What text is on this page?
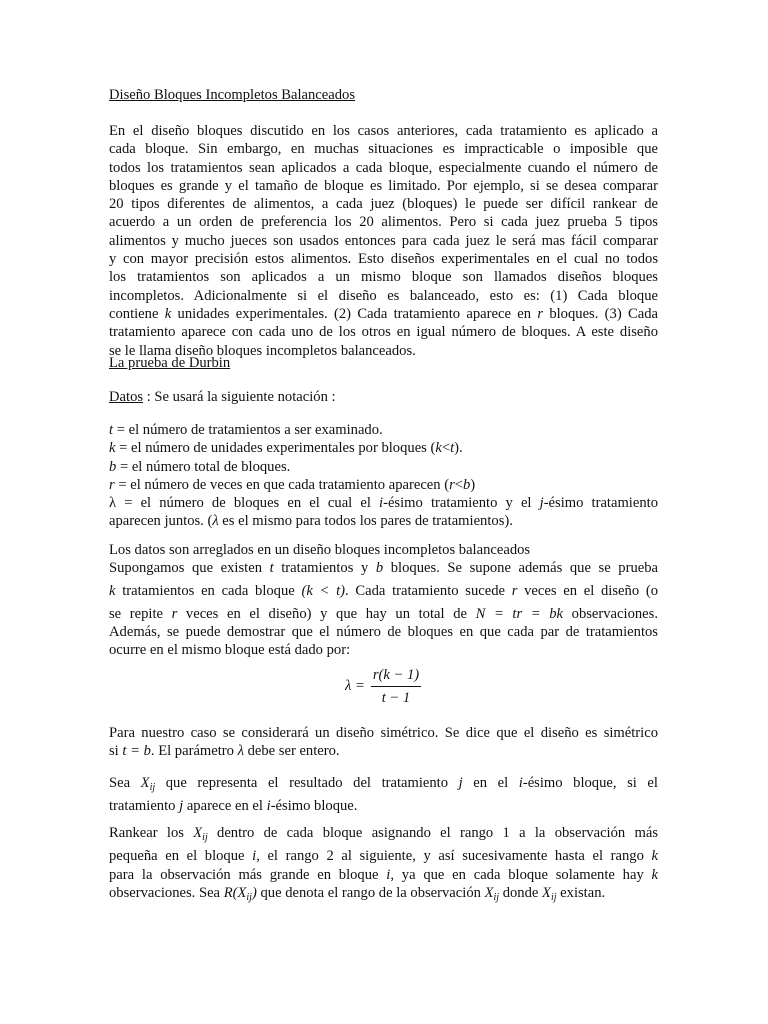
Diseño Bloques Incompletos Balanceados
En el diseño bloques discutido en los casos anteriores, cada tratamiento es aplicado a
cada bloque. Sin embargo, en muchas situaciones es impracticable o imposible que
todos los tratamientos sean aplicados a cada bloque, especialmente cuando el número de
bloques es grande y el tamaño de bloque es limitado. Por ejemplo, si se desea comparar
20 tipos diferentes de alimentos, a cada juez (bloques) le puede ser difícil rankear de
acuerdo a un orden de preferencia los 20 alimentos. Pero si cada juez prueba 5 tipos
alimentos y mucho jueces son usados entonces para cada juez le será mas fácil comparar
y con mayor precisión estos alimentos. Esto diseños experimentales en el cual no todos
los tratamientos son aplicados a un mismo bloque son llamados diseños bloques
incompletos. Adicionalmente si el diseño es balanceado, esto es: (1) Cada bloque
contiene k unidades experimentales. (2) Cada tratamiento aparece en r bloques. (3) Cada
tratamiento aparece con cada uno de los otros en igual número de bloques. A este diseño
se le llama diseño bloques incompletos balanceados.
La prueba de Durbin
Datos : Se usará la siguiente notación :
t = el número de tratamientos a ser examinado.
k = el número de unidades experimentales por bloques (k<t).
b = el número total de bloques.
r = el número de veces en que cada tratamiento aparecen (r<b)
λ = el número de bloques en el cual el i-ésimo tratamiento y el j-ésimo tratamiento
aparecen juntos. (λ es el mismo para todos los pares de tratamientos).
Los datos son arreglados en un diseño bloques incompletos balanceados
Supongamos que existen t tratamientos y b bloques. Se supone además que se prueba
k tratamientos en cada bloque (k < t). Cada tratamiento sucede r veces en el diseño (o
se repite r veces en el diseño) y que hay un total de N = tr = bk observaciones.
Además, se puede demostrar que el número de bloques en que cada par de tratamientos
ocurre en el mismo bloque está dado por:
$\lambda = \frac{r(k - 1)}{t - 1}$
Para nuestro caso se considerará un diseño simétrico. Se dice que el diseño es simétrico
si t = b. El parámetro λ debe ser entero.
Sea $X_{ij}$ que representa el resultado del tratamiento j en el i-ésimo bloque, si el
tratamiento j aparece en el i-ésimo bloque.
Rankear los $X_{ij}$ dentro de cada bloque asignando el rango 1 a la observación más
pequeña en el bloque i, el rango 2 al siguiente, y así sucesivamente hasta el rango k
para la observación más grande en bloque i, ya que en cada bloque solamente hay k
observaciones. Sea $R(X_{ij})$ que denota el rango de la observación $X_{ij}$ donde $X_{ij}$ existan.
